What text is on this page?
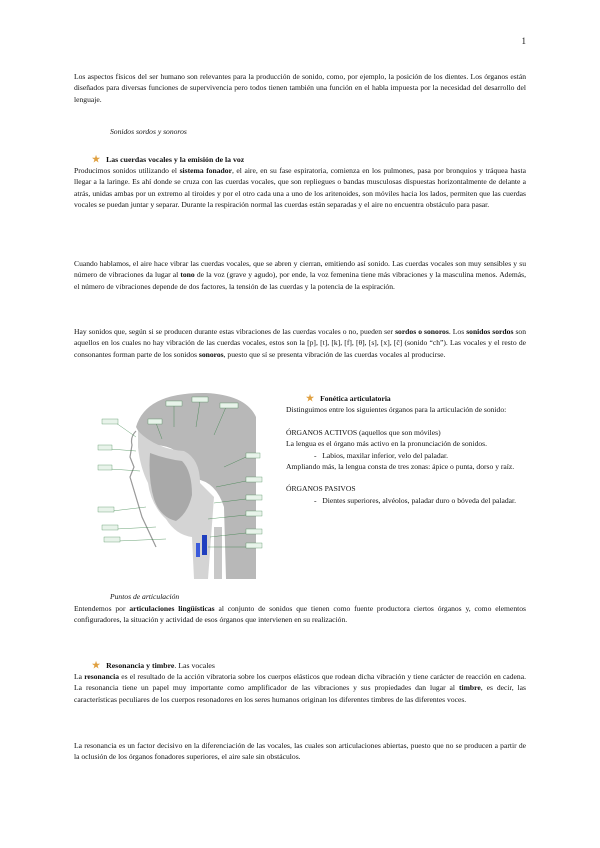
1

Los aspectos físicos del ser humano son relevantes para la producción de sonido, como, por ejemplo, la posición de los dientes. Los órganos están diseñados para diversas funciones de supervivencia pero todos tienen también una función en el habla impuesta por la necesidad del desarrollo del lenguaje.

Sonidos sordos y sonoros
★ Las cuerdas vocales y la emisión de la voz

Producimos sonidos utilizando el sistema fonador, el aire, en su fase espiratoria, comienza en los pulmones, pasa por bronquios y tráquea hasta llegar a la laringe. Es ahí donde se cruza con las cuerdas vocales, que son repliegues o bandas musculosas dispuestas horizontalmente de delante a atrás, unidas ambas por un extremo al tiroides y por el otro cada una a uno de los aritenoides, son móviles hacia los lados, permiten que las cuerdas vocales se puedan juntar y separar. Durante la respiración normal las cuerdas están separadas y el aire no encuentra obstáculo para pasar.

Cuando hablamos, el aire hace vibrar las cuerdas vocales, que se abren y cierran, emitiendo así sonido. Las cuerdas vocales son muy sensibles y su número de vibraciones da lugar al tono de la voz (grave y agudo), por ende, la voz femenina tiene más vibraciones y la masculina menos. Además, el número de vibraciones depende de dos factores, la tensión de las cuerdas y la potencia de la espiración.

Hay sonidos que, según si se producen durante estas vibraciones de las cuerdas vocales o no, pueden ser sordos o sonoros. Los sonidos sordos son aquellos en los cuales no hay vibración de las cuerdas vocales, estos son la [p], [t], [k], [f], [θ], [s], [x], [č] (sonido “ch”). Las vocales y el resto de consonantes forman parte de los sonidos sonoros, puesto que sí se presenta vibración de las cuerdas vocales al producirse.

★ Fonética articulatoria
Distinguimos entre los siguientes órganos para la articulación de sonido:
ÓRGANOS ACTIVOS (aquellos que son móviles)
La lengua es el órgano más activo en la pronunciación de sonidos.
-   Labios, maxilar inferior, velo del paladar.
Ampliando más, la lengua consta de tres zonas: ápice o punta, dorso y raíz.
ÓRGANOS PASIVOS
-   Dientes superiores, alvéolos, paladar duro o bóveda del paladar.
Puntos de articulación

Entendemos por articulaciones lingüísticas al conjunto de sonidos que tienen como fuente productora ciertos órganos y, como elementos configuradores, la situación y actividad de esos órganos que intervienen en su realización.

★ Resonancia y timbre. Las vocales

La resonancia es el resultado de la acción vibratoria sobre los cuerpos elásticos que rodean dicha vibración y tiene carácter de reacción en cadena. La resonancia tiene un papel muy importante como amplificador de las vibraciones y sus propiedades dan lugar al timbre, es decir, las características peculiares de los cuerpos resonadores en los seres humanos originan los diferentes timbres de las diferentes voces.

La resonancia es un factor decisivo en la diferenciación de las vocales, las cuales son articulaciones abiertas, puesto que no se producen a partir de la oclusión de los órganos fonadores superiores, el aire sale sin obstáculos.
